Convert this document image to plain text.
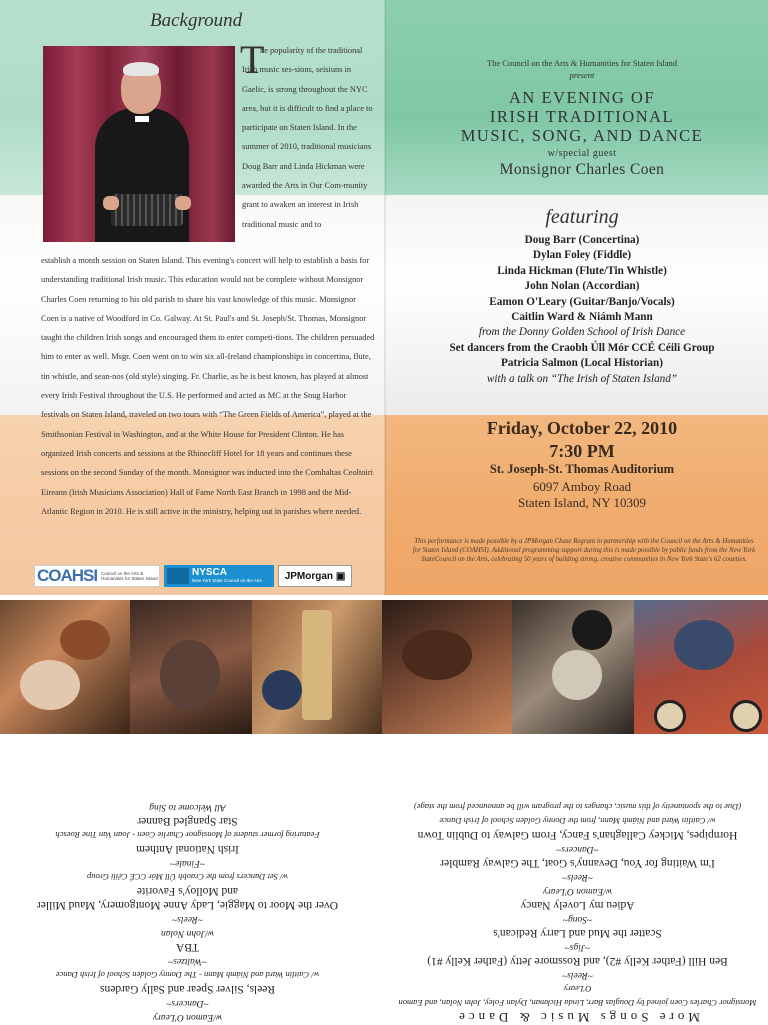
Background
T

he popularity of the traditional Irish music ses-sions, seisiuns in Gaelic, is strong throughout the NYC area, but it is difficult to find a place to participate on Staten Island. In the summer of 2010, traditional musicians Doug Barr and Linda Hickman were awarded the Arts in Our Com-munity grant to awaken an interest in Irish traditional music and to

establish a month session on Staten Island. This evening's concert will help to establish a basis for understanding traditional Irish music. This education would not be complete without Monsignor Charles Coen returning to his old parish to share his vast knowledge of this music. Monsignor Coen is a native of Woodford in Co. Galway. At St. Paul's and St. Joseph/St. Thomas, Monsignor taught the children Irish songs and encouraged them to enter competi-tions. The children persuaded him to enter as well. Msgr. Coen went on to win six all-Ireland championships in concertina, flute, tin whistle, and sean-nos (old style) singing. Fr. Charlie, as he is best known, has played at almost every Irish Festival throughout the U.S. He performed and acted as MC at the Snug Harbor festivals on Staten Island, traveled on two tours with “The Green Fields of America”, played at the Smithsonian Festival in Washington, and at the White House for President Clinton. He has organized Irish concerts and sessions at the Rhinecliff Hotel for 18 years and continues these sessions on the second Sunday of the month. Monsignor was inducted into the Comhaltas Ceoltoiri Eireann (Irish Musicians Association) Hall of Fame North East Branch in 1998 and the Mid-Atlantic Region in 2010. He is still active in the ministry, helping out in parishes where needed.

COAHSI Council on the Arts & Humanities for Staten Island
NYSCA
New York State Council on the Arts JPMorgan
▣
The Council on the Arts & Humanities for Staten Island
present
AN EVENING OF
IRISH TRADITIONAL
MUSIC, SONG, AND DANCE
w/special guest
Monsignor Charles Coen
featuring
Doug Barr (Concertina)
Dylan Foley (Fiddle)
Linda Hickman (Flute/Tin Whistle)
John Nolan (Accordian)
Eamon O'Leary (Guitar/Banjo/Vocals)
Caitlin Ward & Niámh Mann
from the Donny Golden School of Irish Dance
Set dancers from the Craobh Úll Mór CCÉ Céili Group
Patricia Salmon (Local Historian)
with a talk on “The Irish of Staten Island”
Friday, October 22, 2010
7:30 PM
St. Joseph-St. Thomas Auditorium
6097 Amboy Road
Staten Island, NY 10309
This performance is made possible by a JPMorgan Chase Regrant in partnership with the Council on the Arts & Humanities for Staten Island (COAHSI). Additional programming support during this is made possible by public funds from the New York StateCouncil on the Arts, celebrating 50 years of building strong, creative communities in New York State's 62 counties.
w/Eamon O'Leary
~Dancers~
Reels, Silver Spear and Sally Gardens
w/ Caitlin Ward and Niámh Mann - The Donny Golden School of Irish Dance
~Waltzes~
TBA
w/John Nolan
~Reels~
Over the Moor to Maggie, Lady Anne Montgomery, Maud Miller
and Molloy's Favorite
w/ Set Dancers from the Craobh Úll Mór CCÉ Céili Group
~Finale~
Irish National Anthem
Featuring former student of Monsignor Charlie Coen - Joan Van Tine Roesch
Star Spangled Banner
All Welcome to Sing
More Songs Music & Dance
Monsignor Charles Coen joined by Douglas Barr, Linda Hickman, Dylan Foley, John Nolan, and Eamon O'Leary
~Reels~
Ben Hill (Father Kelly #2), and Rossmore Jetty (Father Kelly #1)
~Jigs~
Scatter the Mud and Larry Redican's
~Song~
Adieu my Lovely Nancy
w/Eamon O'Leary
~Reels~
I'm Waiting for You, Devanny's Goat, The Galway Rambler
~Dancers~
Hornpipes, Mickey Callaghan's Fancy, From Galway to Dublin Town
w/ Caitlin Ward and Niámh Mann, from the Donny Golden School of Irish Dance
(Due to the spontaneity of this music, changes to the program will be announced from the stage)
